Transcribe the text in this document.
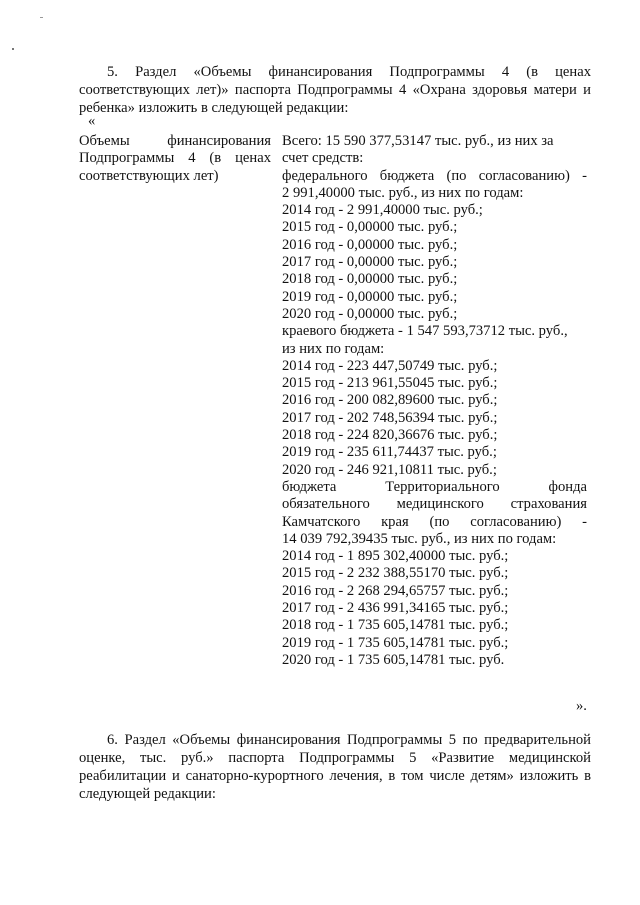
5. Раздел «Объемы финансирования Подпрограммы 4 (в ценах соответствующих лет)» паспорта Подпрограммы 4 «Охрана здоровья матери и ребенка» изложить в следующей редакции:

«
Объемы финансирования Подпрограммы 4 (в ценах соответствующих лет)
Всего: 15 590 377,53147 тыс. руб., из них за
счет средств:
федерального бюджета (по согласованию) -
2 991,40000 тыс. руб., из них по годам:
2014 год - 2 991,40000 тыс. руб.;
2015 год - 0,00000 тыс. руб.;
2016 год - 0,00000 тыс. руб.;
2017 год - 0,00000 тыс. руб.;
2018 год - 0,00000 тыс. руб.;
2019 год - 0,00000 тыс. руб.;
2020 год - 0,00000 тыс. руб.;
краевого бюджета - 1 547 593,73712 тыс. руб.,
из них по годам:
2014 год - 223 447,50749 тыс. руб.;
2015 год - 213 961,55045 тыс. руб.;
2016 год - 200 082,89600 тыс. руб.;
2017 год - 202 748,56394 тыс. руб.;
2018 год - 224 820,36676 тыс. руб.;
2019 год - 235 611,74437 тыс. руб.;
2020 год - 246 921,10811 тыс. руб.;
бюджета Территориального фонда
обязательного медицинского страхования
Камчатского края (по согласованию) -
14 039 792,39435 тыс. руб., из них по годам:
2014 год - 1 895 302,40000 тыс. руб.;
2015 год - 2 232 388,55170 тыс. руб.;
2016 год - 2 268 294,65757 тыс. руб.;
2017 год - 2 436 991,34165 тыс. руб.;
2018 год - 1 735 605,14781 тыс. руб.;
2019 год - 1 735 605,14781 тыс. руб.;
2020 год - 1 735 605,14781 тыс. руб.
».

6. Раздел «Объемы финансирования Подпрограммы 5 по предварительной оценке, тыс. руб.» паспорта Подпрограммы 5 «Развитие медицинской реабилитации и санаторно-курортного лечения, в том числе детям» изложить в следующей редакции:
